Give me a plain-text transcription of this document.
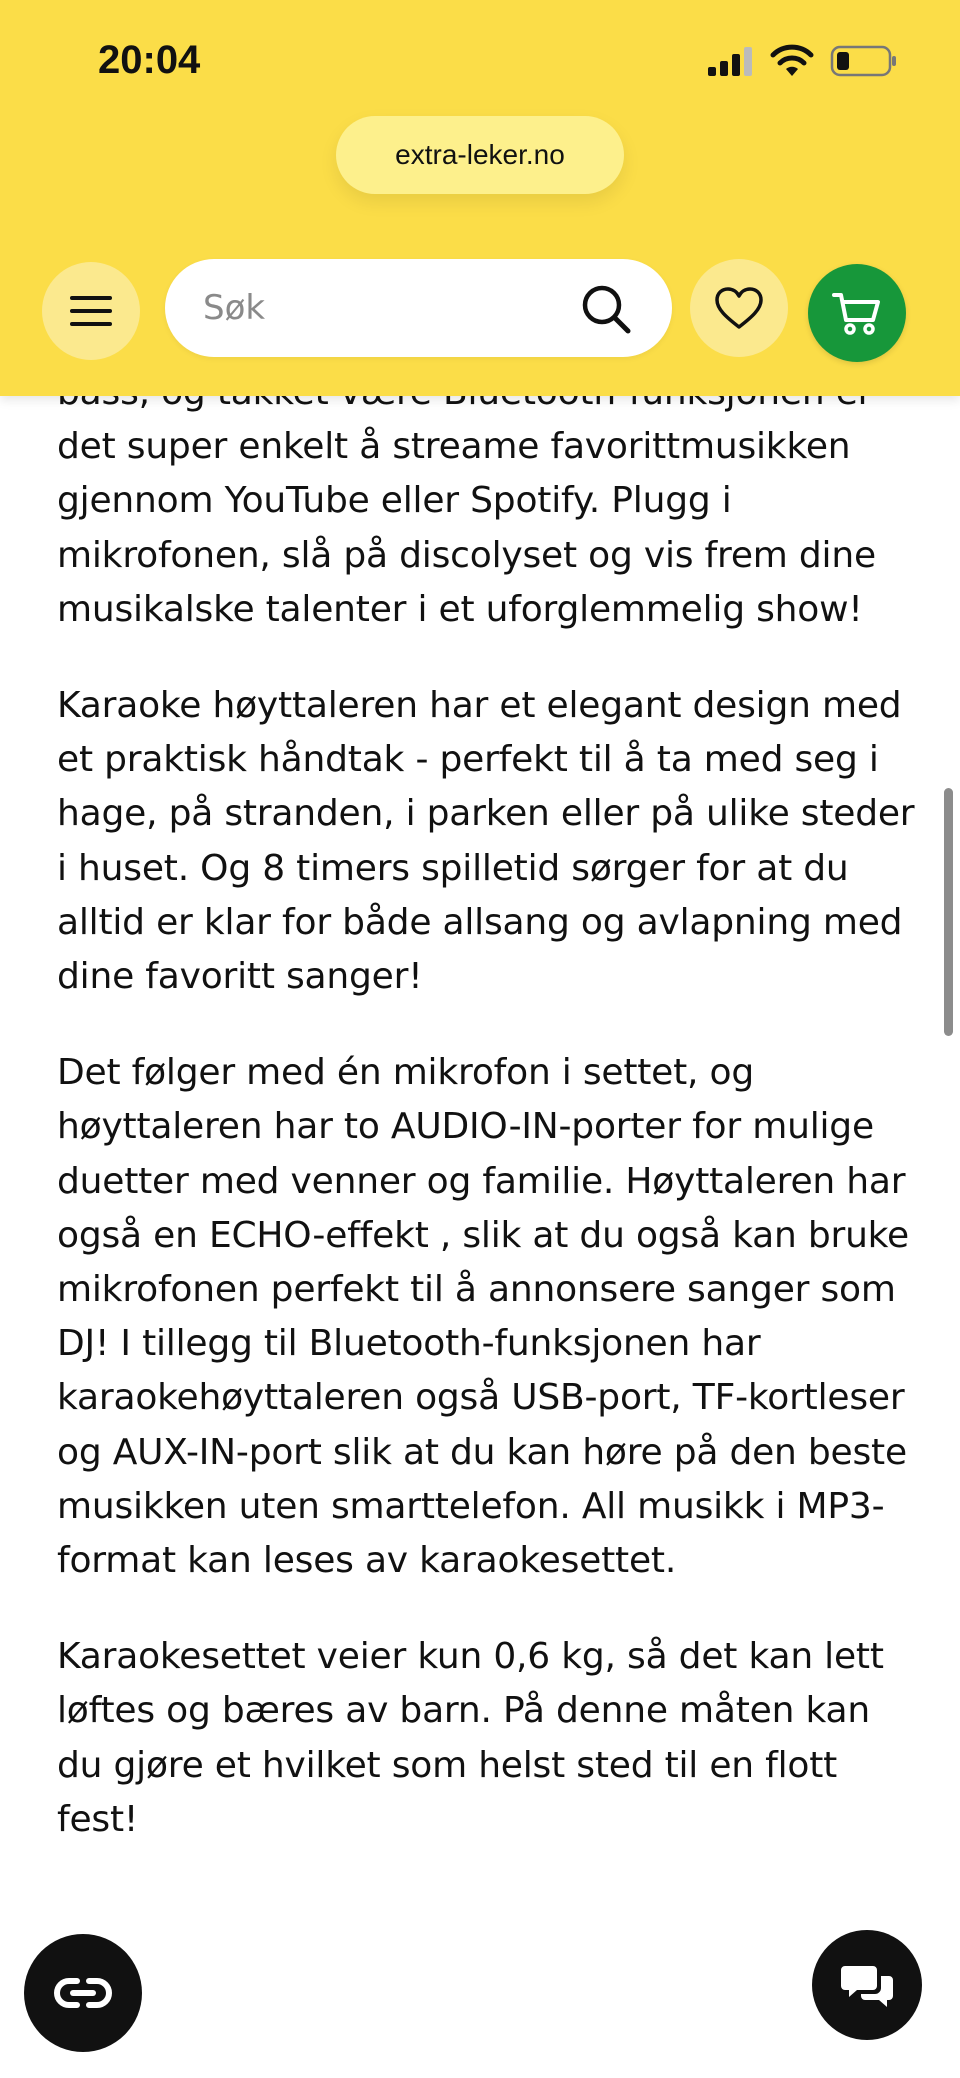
det super enkelt å streame favorittmusikken gjennom YouTube eller Spotify. Plugg i mikrofonen, slå på discolyset og vis frem dine musikalske talenter i et uforglemmelig show!

Karaoke høyttaleren har et elegant design med et praktisk håndtak - perfekt til å ta med seg i hage, på stranden, i parken eller på ulike steder i huset. Og 8 timers spilletid sørger for at du alltid er klar for både allsang og avlapning med dine favoritt sanger!

Det følger med én mikrofon i settet, og høyttaleren har to AUDIO-IN-porter for mulige duetter med venner og familie. Høyttaleren har også en ECHO-effekt , slik at du også kan bruke mikrofonen perfekt til å annonsere sanger som DJ! I tillegg til Bluetooth-funksjonen har karaokehøyttaleren også USB-port, TF-kortleser og AUX-IN-port slik at du kan høre på den beste musikken uten smarttelefon. All musikk i MP3-format kan leses av karaokesettet.

Karaokesettet veier kun 0,6 kg, så det kan lett løftes og bæres av barn. På denne måten kan du gjøre et hvilket som helst sted til en flott fest!

20:04
extra-leker.no
Søk
